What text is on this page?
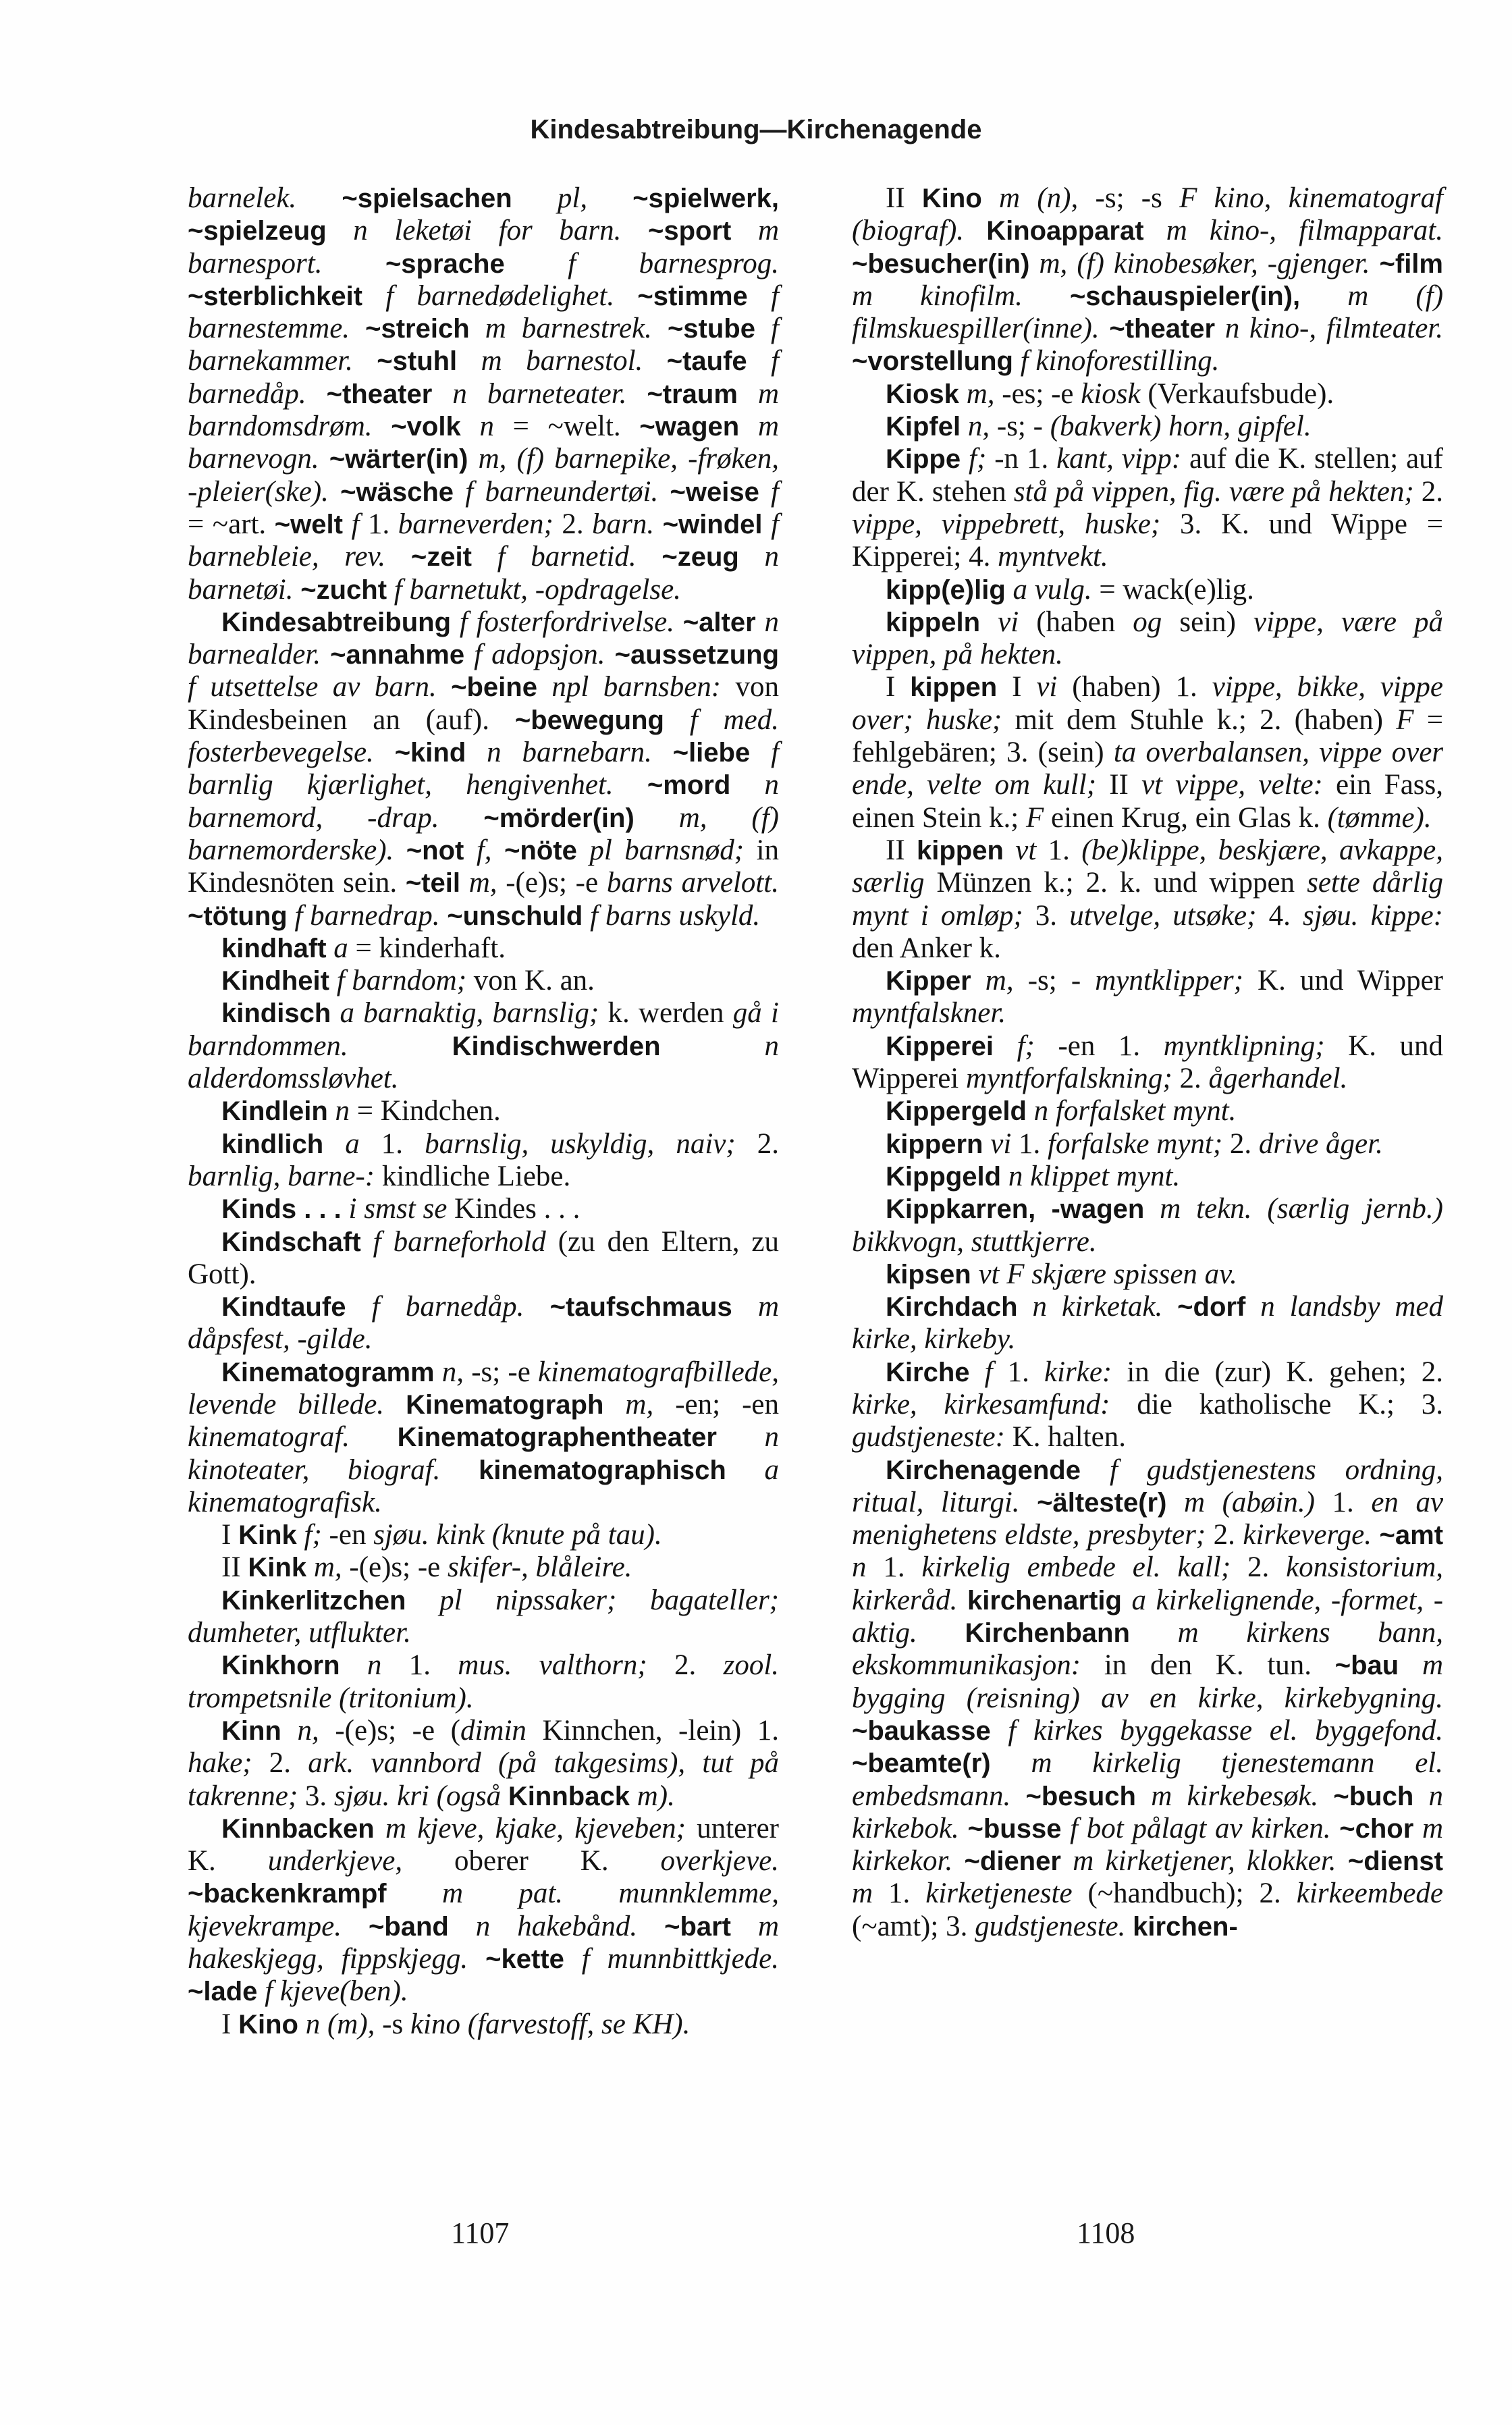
Kindesabtreibung—Kirchenagende

barnelek. ~spielsachen pl, ~spielwerk, ~spielzeug n leketøi for barn. ~sport m barnesport. ~sprache f barnesprog. ~sterblichkeit f barnedødelighet. ~stimme f barnestemme. ~streich m barnestrek. ~stube f barnekammer. ~stuhl m barnestol. ~taufe f barnedåp. ~theater n barneteater. ~traum m barndomsdrøm. ~volk n = ~welt. ~wagen m barnevogn. ~wärter(in) m, (f) barnepike, -frøken, -pleier(ske). ~wäsche f barneundertøi. ~weise f = ~art. ~welt f 1. barneverden; 2. barn. ~windel f barnebleie, rev. ~zeit f barnetid. ~zeug n barnetøi. ~zucht f barnetukt, -opdragelse.

Kindesabtreibung f fosterfordrivelse. ~alter n barnealder. ~annahme f adopsjon. ~aussetzung f utsettelse av barn. ~beine npl barnsben: von Kindesbeinen an (auf). ~bewegung f med. fosterbevegelse. ~kind n barnebarn. ~liebe f barnlig kjærlighet, hengivenhet. ~mord n barnemord, -drap. ~mörder(in) m, (f) barnemorderske). ~not f, ~nöte pl barnsnød; in Kindesnöten sein. ~teil m, -(e)s; -e barns arvelott. ~tötung f barnedrap. ~unschuld f barns uskyld.

kindhaft a = kinderhaft.

Kindheit f barndom; von K. an.

kindisch a barnaktig, barnslig; k. werden gå i barndommen.	Kindischwerden	n alderdomssløvhet.

Kindlein n = Kindchen.

kindlich a 1. barnslig, uskyldig, naiv; 2. barnlig, barne-: kindliche Liebe.

Kinds . . . i smst se Kindes . . .

Kindschaft f barneforhold (zu den Eltern, zu Gott).

Kindtaufe f barnedåp. ~taufschmaus m dåpsfest, -gilde.

Kinematogramm n, -s; -e kinematografbillede, levende billede. Kinematograph m, -en; -en kinematograf. Kinematographentheater n kinoteater, biograf. kinematographisch a kinematografisk.

I Kink f; -en sjøu. kink (knute på tau).

II Kink m, -(e)s; -e skifer-, blåleire.

Kinkerlitzchen pl nipssaker; bagateller; dumheter, utflukter.

Kinkhorn n 1. mus. valthorn; 2. zool. trompetsnile (tritonium).

Kinn n, -(e)s; -e (dimin Kinnchen, -lein) 1. hake; 2. ark. vannbord (på takgesims), tut på takrenne; 3. sjøu. kri (også Kinnback m).

Kinnbacken m kjeve, kjake, kjeveben; unterer K. underkjeve, oberer K. overkjeve. ~backenkrampf m pat. munnklemme, kjevekrampe. ~band n hakebånd. ~bart m hakeskjegg, fippskjegg. ~kette f munnbittkjede. ~lade f kjeve(ben).

I Kino n (m), -s kino (farvestoff, se KH).

II Kino m (n), -s; -s F kino, kinematograf (biograf). Kinoapparat m kino-, filmapparat. ~besucher(in) m, (f) kinobesøker, -gjenger. ~film m kinofilm. ~schauspieler(in), m (f) filmskuespiller(inne). ~theater n kino-, filmteater. ~vorstellung f kinoforestilling.

Kiosk m, -es; -e kiosk (Verkaufsbude).

Kipfel n, -s; - (bakverk) horn, gipfel.

Kippe f; -n 1. kant, vipp: auf die K. stellen; auf der K. stehen stå på vippen, fig. være på hekten; 2. vippe, vippebrett, huske; 3. K. und Wippe = Kipperei; 4. myntvekt.

kipp(e)lig a vulg. = wack(e)lig.

kippeln vi (haben og sein) vippe, være på vippen, på hekten.

I kippen I vi (haben) 1. vippe, bikke, vippe over; huske; mit dem Stuhle k.; 2. (haben) F = fehlgebären; 3. (sein) ta overbalansen, vippe over ende, velte om kull; II vt vippe, velte: ein Fass, einen Stein k.; F einen Krug, ein Glas k. (tømme).

II kippen vt 1. (be)klippe, beskjære, avkappe, særlig Münzen k.; 2. k. und wippen sette dårlig mynt i omløp; 3. utvelge, utsøke; 4. sjøu. kippe: den Anker k.

Kipper m, -s; - myntklipper; K. und Wipper myntfalskner.

Kipperei f; -en 1. myntklipning; K. und Wipperei myntforfalskning; 2. ågerhandel.

Kippergeld n forfalsket mynt.

kippern vi 1. forfalske mynt; 2. drive åger.

Kippgeld n klippet mynt.

Kippkarren, -wagen m tekn. (særlig jernb.) bikkvogn, stuttkjerre.

kipsen vt F skjære spissen av.

Kirchdach n kirketak. ~dorf n landsby med kirke, kirkeby.

Kirche f 1. kirke: in die (zur) K. gehen; 2. kirke, kirkesamfund: die katholische K.; 3. gudstjeneste: K. halten.

Kirchenagende f gudstjenestens ordning, ritual, liturgi. ~älteste(r) m (abøin.) 1. en av menighetens eldste, presbyter; 2. kirkeverge. ~amt n 1. kirkelig embede el. kall; 2. konsistorium, kirkeråd. kirchenartig a kirkelignende, -formet, -aktig. Kirchenbann m kirkens bann, ekskommunikasjon: in den K. tun. ~bau m bygging (reisning) av en kirke, kirkebygning. ~baukasse f kirkes byggekasse el. byggefond. ~beamte(r) m kirkelig tjenestemann el. embedsmann. ~besuch m kirkebesøk. ~buch n kirkebok. ~busse f bot pålagt av kirken. ~chor m kirkekor. ~diener m kirketjener, klokker. ~dienst m 1. kirketjeneste (~handbuch); 2. kirkeembede (~amt); 3. gudstjeneste. kirchen-

1107	1108
